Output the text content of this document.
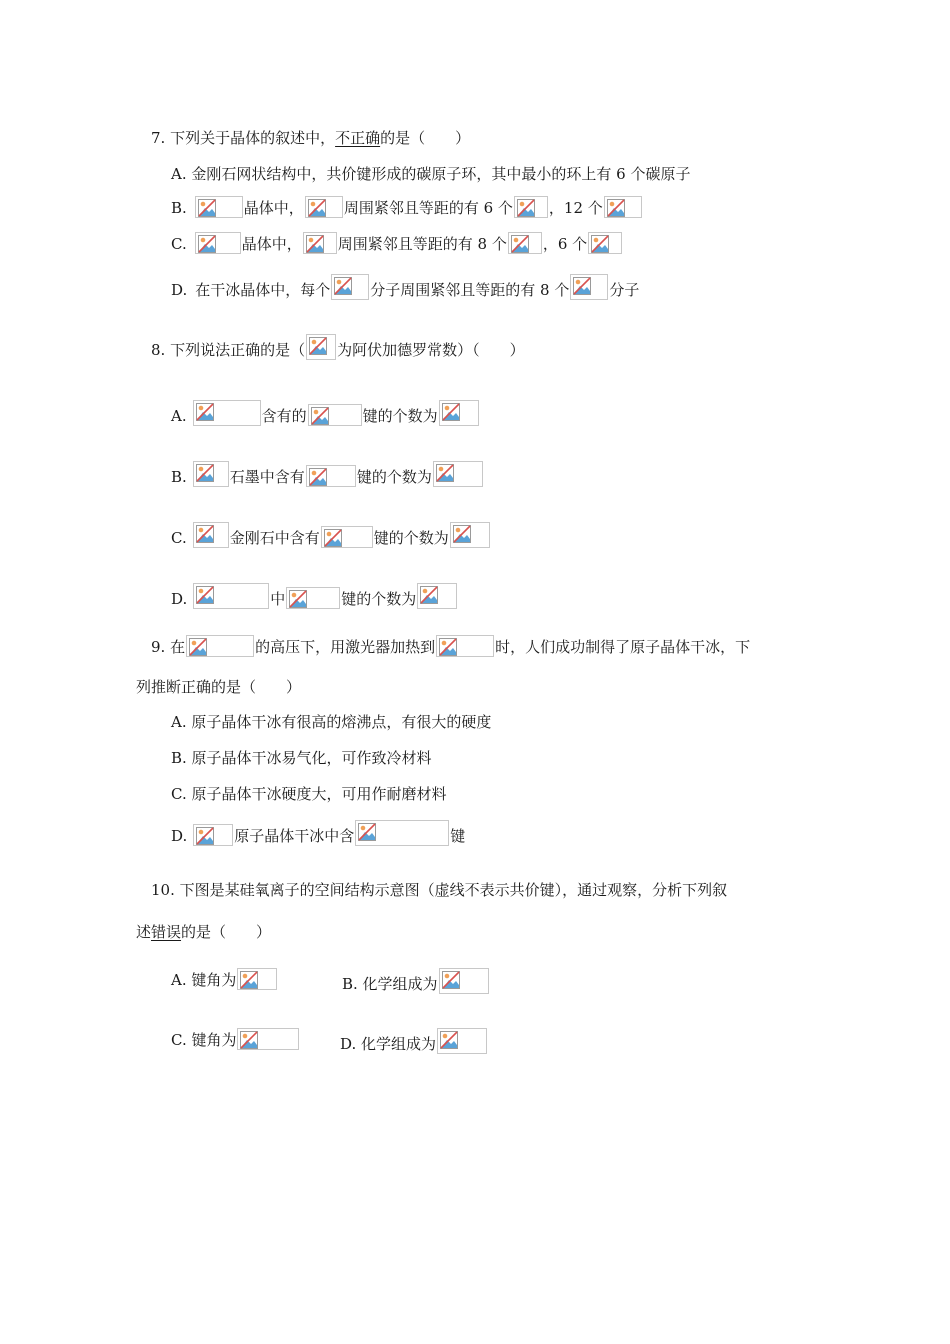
7. 下列关于晶体的叙述中， 不正确 的是（　　）
A. 金刚石网状结构中，共价键形成的碳原子环，其中最小的环上有 6 个碳原子
B.	晶体中，	周围紧邻且等距的有 6 个 ，12 个
C.	晶体中， 周围紧邻且等距的有 8 个 ，6 个
D. 在干冰晶体中，每个	分子周围紧邻且等距的有 8 个	分子
8. 下列说法正确的是（ 为阿伏加德罗常数）（　　）
A.	含有的	键的个数为
B.	石墨中含有	键的个数为
C.	金刚石中含有	键的个数为
D.	中	键的个数为
9. 在	的高压下，用激光器加热到	时，人们成功制得了原子晶体干冰，下
列推断正确的是（　　）
A. 原子晶体干冰有很高的熔沸点，有很大的硬度
B. 原子晶体干冰易气化，可作致冷材料
C. 原子晶体干冰硬度大，可用作耐磨材料
D.	原子晶体干冰中含	键
10. 下图是某硅氧离子的空间结构示意图（虚线不表示共价键），通过观察，分析下列叙
述 错误 的是（　　）
A. 键角为	B. 化学组成为
C. 键角为	D. 化学组成为
